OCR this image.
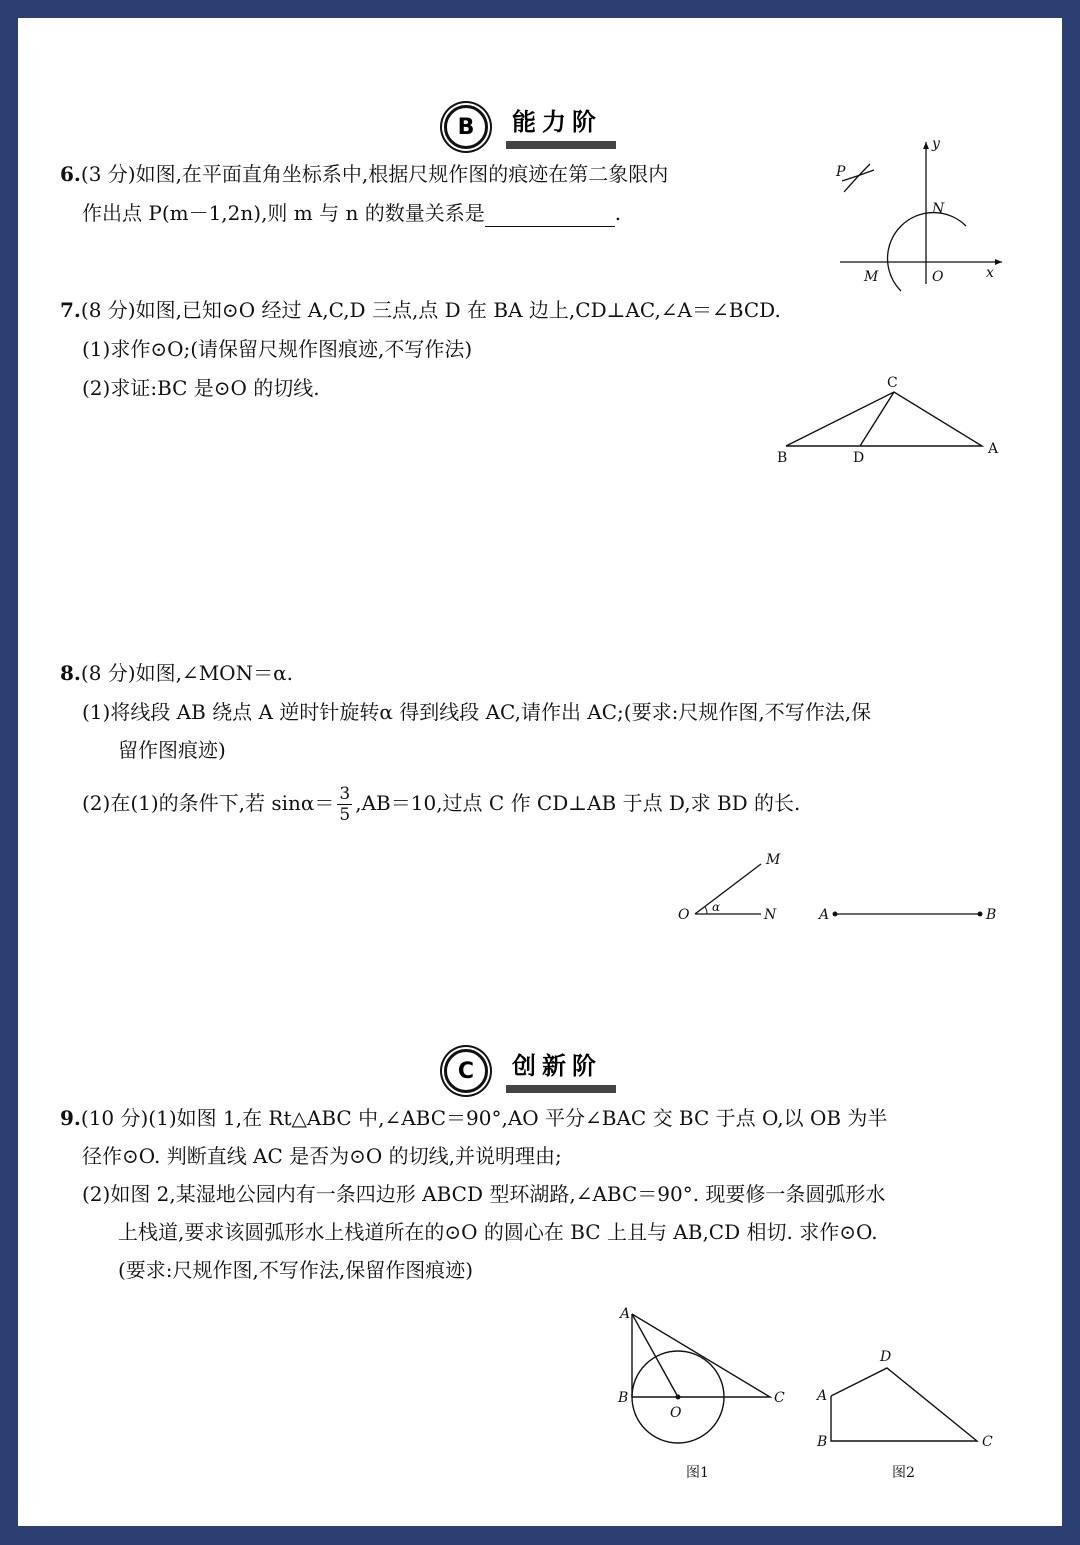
B	能力阶
6.(3 分)如图,在平面直角坐标系中,根据尺规作图的痕迹在第二象限内
作出点 P(m－1,2n),则 m 与 n 的数量关系是	.
P
y
N
M	O	x
7.(8 分)如图,已知⊙O 经过 A,C,D 三点,点 D 在 BA 边上,CD⊥AC,∠A＝∠BCD.
(1)求作⊙O;(请保留尺规作图痕迹,不写作法)
(2)求证:BC 是⊙O 的切线.	C
A
B	D
8.(8 分)如图,∠MON＝α.
(1)将线段 AB 绕点 A 逆时针旋转α 得到线段 AC,请作出 AC;(要求:尺规作图,不写作法,保
留作图痕迹)
(2)在(1)的条件下,若 $\sin\alpha= \frac{3}{5} ,AB=10$,过点 C 作 CD⊥AB 于点 D,求 BD 的长.
M
O α	N	A	B
C	创新阶
9.(10 分)(1)如图 1,在 Rt△ABC 中,∠ABC＝90°,AO 平分∠BAC 交 BC 于点 O,以 OB 为半
径作⊙O. 判断直线 AC 是否为⊙O 的切线,并说明理由;
(2)如图 2,某湿地公园内有一条四边形 ABCD 型环湖路,∠ABC＝90°. 现要修一条圆弧形水
上栈道,要求该圆弧形水上栈道所在的⊙O 的圆心在 BC 上且与 AB,CD 相切. 求作⊙O.
(要求:尺规作图,不写作法,保留作图痕迹)
A
B
O
C
图1
D
A
B	C
图2
